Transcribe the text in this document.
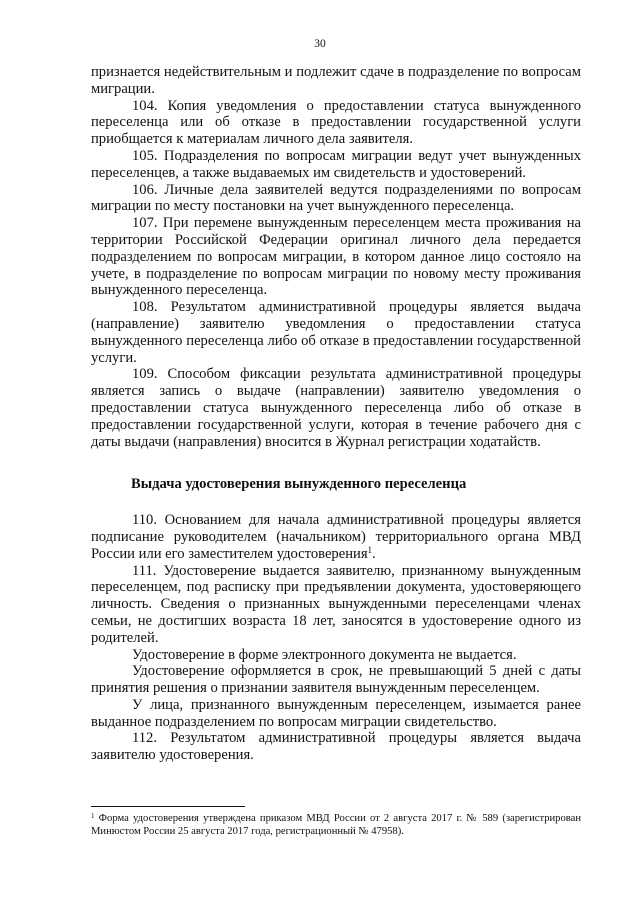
30

признается недействительным и подлежит сдаче в подразделение по вопросам миграции.

104. Копия уведомления о предоставлении статуса вынужденного переселенца или об отказе в предоставлении государственной услуги приобщается к материалам личного дела заявителя.

105. Подразделения по вопросам миграции ведут учет вынужденных переселенцев, а также выдаваемых им свидетельств и удостоверений.

106. Личные дела заявителей ведутся подразделениями по вопросам миграции по месту постановки на учет вынужденного переселенца.

107. При перемене вынужденным переселенцем места проживания на территории Российской Федерации оригинал личного дела передается подразделением по вопросам миграции, в котором данное лицо состояло на учете, в подразделение по вопросам миграции по новому месту проживания вынужденного переселенца.

108. Результатом административной процедуры является выдача (направление) заявителю уведомления о предоставлении статуса вынужденного переселенца либо об отказе в предоставлении государственной услуги.

109. Способом фиксации результата административной процедуры является запись о выдаче (направлении) заявителю уведомления о предоставлении статуса вынужденного переселенца либо об отказе в предоставлении государственной услуги, которая в течение рабочего дня с даты выдачи (направления) вносится в Журнал регистрации ходатайств.

Выдача удостоверения вынужденного переселенца

110. Основанием для начала административной процедуры является подписание руководителем (начальником) территориального органа МВД России или его заместителем удостоверения$^1$.

111. Удостоверение выдается заявителю, признанному вынужденным переселенцем, под расписку при предъявлении документа, удостоверяющего личность. Сведения о признанных вынужденными переселенцами членах семьи, не достигших возраста 18 лет, заносятся в удостоверение одного из родителей.

Удостоверение в форме электронного документа не выдается.

Удостоверение оформляется в срок, не превышающий 5 дней с даты принятия решения о признании заявителя вынужденным переселенцем.

У лица, признанного вынужденным переселенцем, изымается ранее выданное подразделением по вопросам миграции свидетельство.

112. Результатом административной процедуры является выдача заявителю удостоверения.

$^1$ Форма удостоверения утверждена приказом МВД России от 2 августа 2017 г. № 589 (зарегистрирован Минюстом России 25 августа 2017 года, регистрационный № 47958).
